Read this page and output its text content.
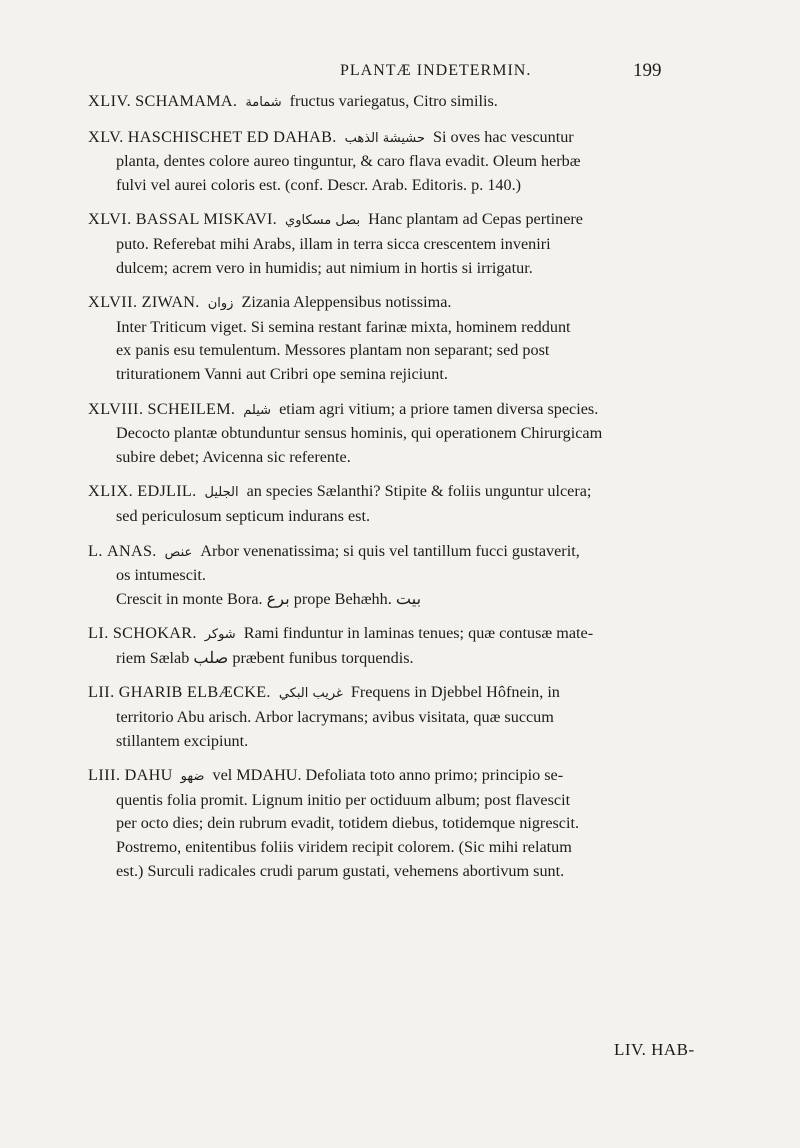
PLANTÆ INDETERMIN.	199
XLIV. SCHAMAMA. شمامة fructus variegatus, Citro similis.
XLV. HASCHISCHET ED DAHAB. حشيشة الذهب Si oves hac vescuntur
planta, dentes colore aureo tinguntur, & caro flava evadit. Oleum herbæ
fulvi vel aurei coloris est. (conf. Descr. Arab. Editoris. p. 140.)
XLVI. BASSAL MISKAVI. بصل مسكاوي Hanc plantam ad Cepas pertinere
puto. Referebat mihi Arabs, illam in terra sicca crescentem inveniri
dulcem; acrem vero in humidis; aut nimium in hortis si irrigatur.
XLVII. ZIWAN. زوان Zizania Aleppensibus notissima.
Inter Triticum viget. Si semina restant farinæ mixta, hominem reddunt
ex panis esu temulentum. Messores plantam non separant; sed post
triturationem Vanni aut Cribri ope semina rejiciunt.
XLVIII. SCHEILEM. شيلم etiam agri vitium; a priore tamen diversa species.
Decocto plantæ obtunduntur sensus hominis, qui operationem Chirurgicam
subire debet; Avicenna sic referente.
XLIX. EDJLIL. الجليل an species Sælanthi? Stipite & foliis unguntur ulcera;
sed periculosum septicum indurans est.
L. ANAS. عنص Arbor venenatissima; si quis vel tantillum fucci gustaverit,
os intumescit.
Crescit in monte Bora. برع prope Behæhh. بيت
LI. SCHOKAR. شوكر Rami finduntur in laminas tenues; quæ contusæ mate-
riem Sælab صلب præbent funibus torquendis.
LII. GHARIB ELBÆCKE. غريب البكي Frequens in Djebbel Hôfnein, in
territorio Abu arisch. Arbor lacrymans; avibus visitata, quæ succum
stillantem excipiunt.
LIII. DAHU ضهو vel MDAHU. Defoliata toto anno primo; principio se-
quentis folia promit. Lignum initio per octiduum album; post flavescit
per octo dies; dein rubrum evadit, totidem diebus, totidemque nigrescit.
Postremo, enitentibus foliis viridem recipit colorem. (Sic mihi relatum
est.) Surculi radicales crudi parum gustati, vehemens abortivum sunt.
LIV. HAB-
